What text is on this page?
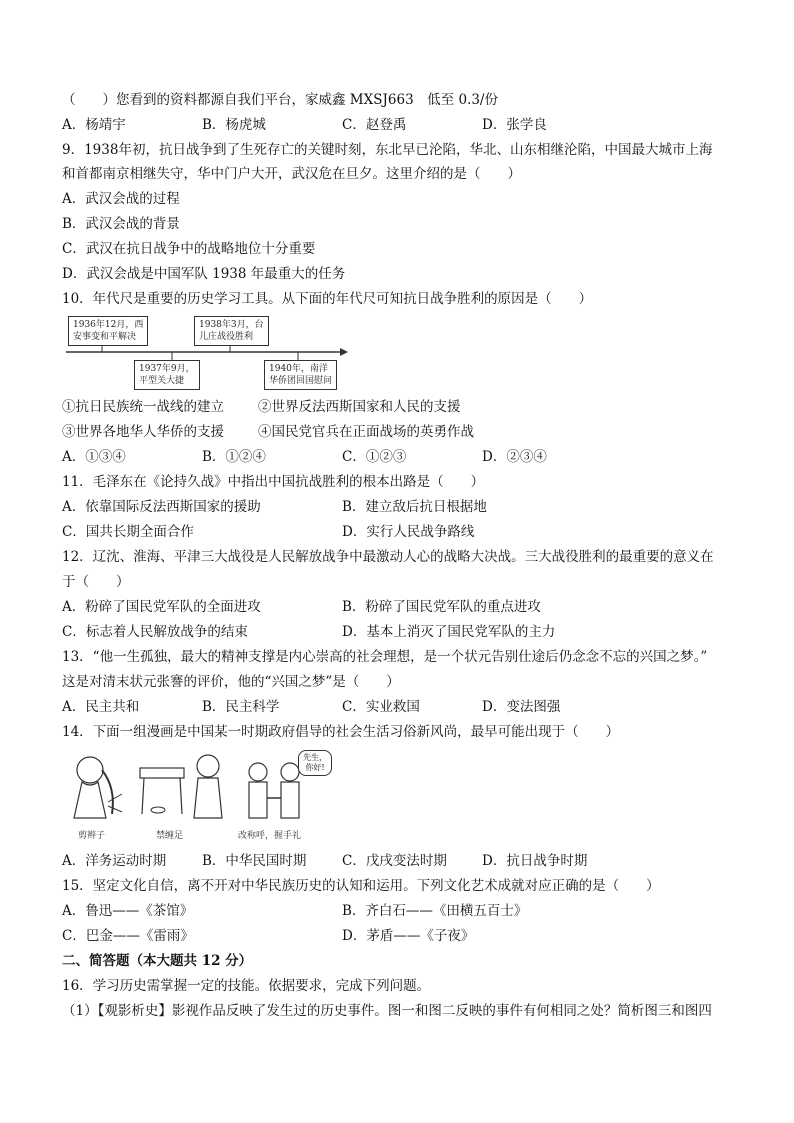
（　　）您看到的资料都源自我们平台，家威鑫 MXSJ663　低至 0.3/份
A．杨靖宇	B．杨虎城	C．赵登禹	D．张学良
9．1938年初，抗日战争到了生死存亡的关键时刻，东北早已沦陷，华北、山东相继沦陷，中国最大城市上海
和首都南京相继失守，华中门户大开，武汉危在旦夕。这里介绍的是（　　）
A．武汉会战的过程
B．武汉会战的背景
C．武汉在抗日战争中的战略地位十分重要
D．武汉会战是中国军队 1938 年最重大的任务
10．年代尺是重要的历史学习工具。从下面的年代尺可知抗日战争胜利的原因是（　　）
1936年12月，西
安事变和平解决
1937年9月，
平型关大捷
1938年3月，台
儿庄战役胜利
1940年，南洋
华侨团回国慰问
①抗日民族统一战线的建立	②世界反法西斯国家和人民的支援
③世界各地华人华侨的支援	④国民党官兵在正面战场的英勇作战
A．①③④	B．①②④	C．①②③	D．②③④
11．毛泽东在《论持久战》中指出中国抗战胜利的根本出路是（　　）
A．依靠国际反法西斯国家的援助	B．建立敌后抗日根据地
C．国共长期全面合作	D．实行人民战争路线
12．辽沈、淮海、平津三大战役是人民解放战争中最激动人心的战略大决战。三大战役胜利的最重要的意义在
于（　　）
A．粉碎了国民党军队的全面进攻	B．粉碎了国民党军队的重点进攻
C．标志着人民解放战争的结束	D．基本上消灭了国民党军队的主力
13．“他一生孤独，最大的精神支撑是内心崇高的社会理想，是一个状元告别仕途后仍念念不忘的兴国之梦。”
这是对清末状元张謇的评价，他的“兴国之梦”是（　　）
A．民主共和	B．民主科学	C．实业救国	D．变法图强
14．下面一组漫画是中国某一时期政府倡导的社会生活习俗新风尚，最早可能出现于（　　）
先生，
你好!
剪辫子	禁缠足	改称呼，握手礼
A．洋务运动时期	B．中华民国时期	C．戊戌变法时期	D．抗日战争时期
15．坚定文化自信，离不开对中华民族历史的认知和运用。下列文化艺术成就对应正确的是（　　）
A．鲁迅——《茶馆》	B．齐白石——《田横五百士》
C．巴金——《雷雨》	D．茅盾——《子夜》
二、简答题（本大题共 12 分）
16．学习历史需掌握一定的技能。依据要求，完成下列问题。
（1）【观影析史】影视作品反映了发生过的历史事件。图一和图二反映的事件有何相同之处？简析图三和图四
